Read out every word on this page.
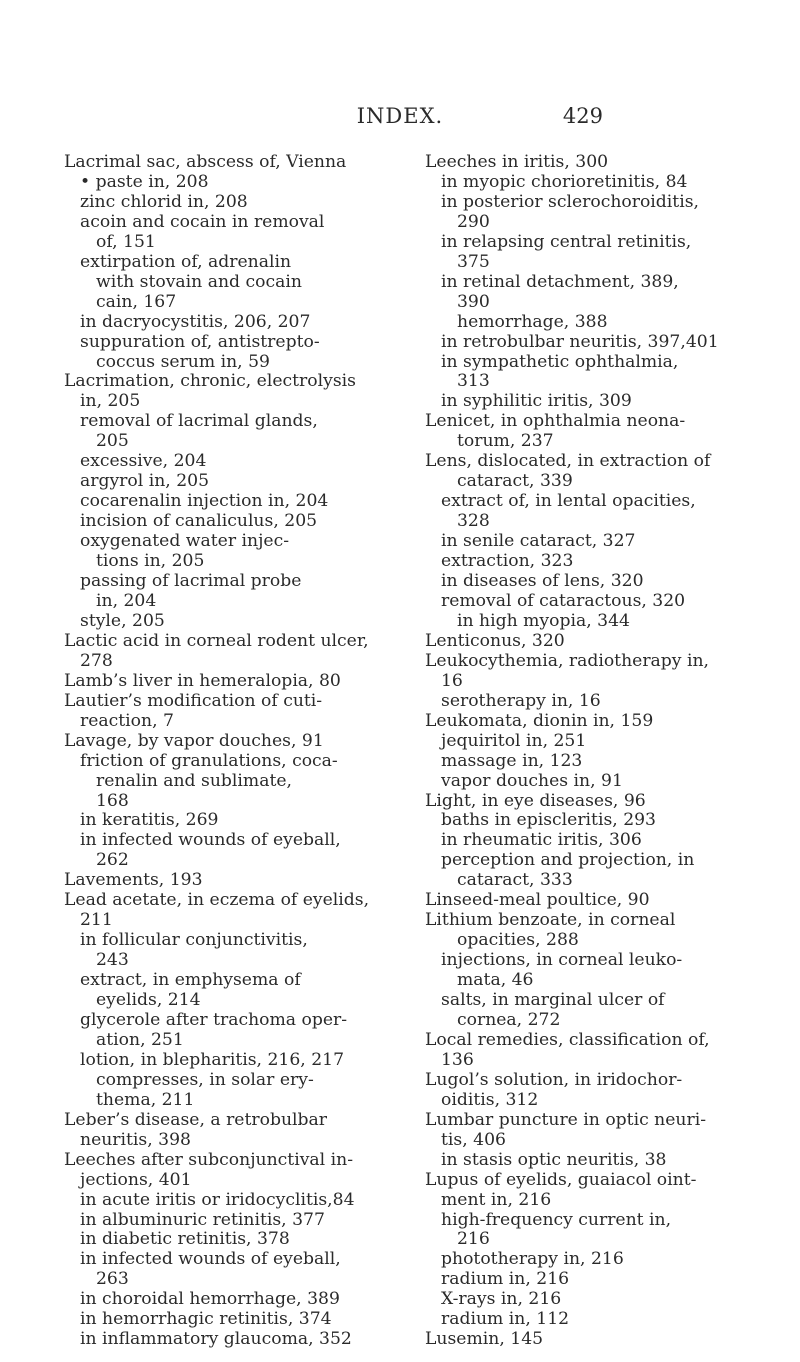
INDEX.	429
Lacrimal sac, abscess of, Vienna
• paste in, 208
zinc chlorid in, 208
acoin and cocain in removal
of, 151
extirpation of, adrenalin
with stovain and cocain
cain, 167
in dacryocystitis, 206, 207
suppuration of, antistrepto-
coccus serum in, 59
Lacrimation, chronic, electrolysis
in, 205
removal of lacrimal glands,
205
excessive, 204
argyrol in, 205
cocarenalin injection in, 204
incision of canaliculus, 205
oxygenated water injec-
tions in, 205
passing of lacrimal probe
in, 204
style, 205
Lactic acid in corneal rodent ulcer,
278
Lamb’s liver in hemeralopia, 80
Lautier’s modification of cuti-
reaction, 7
Lavage, by vapor douches, 91
friction of granulations, coca-
renalin and sublimate,
168
in keratitis, 269
in infected wounds of eyeball,
262
Lavements, 193
Lead acetate, in eczema of eyelids,
211
in follicular conjunctivitis,
243
extract, in emphysema of
eyelids, 214
glycerole after trachoma oper-
ation, 251
lotion, in blepharitis, 216, 217
compresses, in solar ery-
thema, 211
Leber’s disease, a retrobulbar
neuritis, 398
Leeches after subconjunctival in-
jections, 401
in acute iritis or iridocyclitis,84
in albuminuric retinitis, 377
in diabetic retinitis, 378
in infected wounds of eyeball,
263
in choroidal hemorrhage, 389
in hemorrhagic retinitis, 374
in inflammatory glaucoma, 352
Leeches in iritis, 300
in myopic chorioretinitis, 84
in posterior sclerochoroiditis,
290
in relapsing central retinitis,
375
in retinal detachment, 389,
390
hemorrhage, 388
in retrobulbar neuritis, 397,401
in sympathetic ophthalmia,
313
in syphilitic iritis, 309
Lenicet, in ophthalmia neona-
torum, 237
Lens, dislocated, in extraction of
cataract, 339
extract of, in lental opacities,
328
in senile cataract, 327
extraction, 323
in diseases of lens, 320
removal of cataractous, 320
in high myopia, 344
Lenticonus, 320
Leukocythemia, radiotherapy in,
16
serotherapy in, 16
Leukomata, dionin in, 159
jequiritol in, 251
massage in, 123
vapor douches in, 91
Light, in eye diseases, 96
baths in episcleritis, 293
in rheumatic iritis, 306
perception and projection, in
cataract, 333
Linseed-meal poultice, 90
Lithium benzoate, in corneal
opacities, 288
injections, in corneal leuko-
mata, 46
salts, in marginal ulcer of
cornea, 272
Local remedies, classification of,
136
Lugol’s solution, in iridochor-
oiditis, 312
Lumbar puncture in optic neuri-
tis, 406
in stasis optic neuritis, 38
Lupus of eyelids, guaiacol oint-
ment in, 216
high-frequency current in,
216
phototherapy in, 216
radium in, 216
X-rays in, 216
radium in, 112
Lusemin, 145
